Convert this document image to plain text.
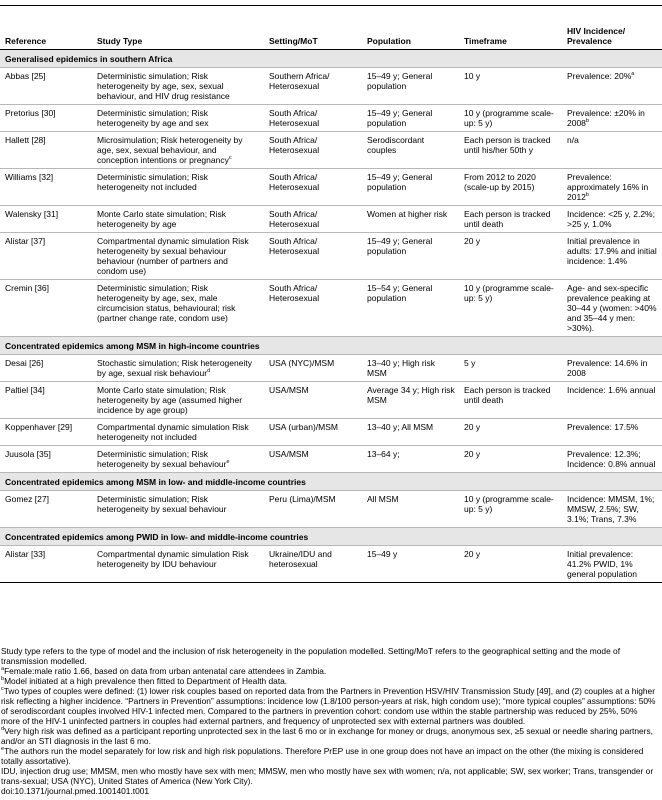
Reference	Study Type	Setting/MoT	Population	Timeframe	HIV Incidence/ Prevalence
Generalised epidemics in southern Africa					
Abbas [25]	Deterministic simulation; Risk heterogeneity by age, sex, sexual behaviour, and HIV drug resistance	Southern Africa/ Heterosexual	15–49 y; General population	10 y	Prevalence: 20%$^a$
Pretorius [30]	Deterministic simulation; Risk heterogeneity by age and sex	South Africa/ Heterosexual	15–49 y; General population	10 y (programme scale-up: 5 y)	Prevalence: ±20% in 2008$^b$
Hallett [28]	Microsimulation; Risk heterogeneity by age, sex, sexual behaviour, and conception intentions or pregnancy$^c$	South Africa/ Heterosexual	Serodiscordant couples	Each person is tracked until his/her 50th y	n/a
Williams [32]	Deterministic simulation; Risk heterogeneity not included	South Africa/ Heterosexual	15–49 y; General population	From 2012 to 2020 (scale-up by 2015)	Prevalence: approximately 16% in 2012$^b$
Walensky [31]	Monte Carlo state simulation; Risk heterogeneity by age	South Africa/ Heterosexual	Women at higher risk	Each person is tracked until death	Incidence: <25 y, 2.2%; >25 y, 1.0%
Alistar [37]	Compartmental dynamic simulation Risk heterogeneity by sexual behaviour behaviour (number of partners and condom use)	South Africa/ Heterosexual	15–49 y; General population	20 y	Initial prevalence in adults: 17.9% and initial incidence: 1.4%
Cremin [36]	Deterministic simulation; Risk heterogeneity by age, sex, male circumcision status, behavioural; risk (partner change rate, condom use)	South Africa/ Heterosexual	15–54 y; General population	10 y (programme scale-up: 5 y)	Age- and sex-specific prevalence peaking at 30–44 y (women: >40% and 35–44 y men: >30%).
Concentrated epidemics among MSM in high-income countries					
Desai [26]	Stochastic simulation; Risk heterogeneity by age, sexual risk behaviour$^d$	USA (NYC)/MSM	13–40 y; High risk MSM	5 y	Prevalence: 14.6% in 2008
Paltiel [34]	Monte Carlo state simulation; Risk heterogeneity by age (assumed higher incidence by age group)	USA/MSM	Average 34 y; High risk MSM	Each person is tracked until death	Incidence: 1.6% annual
Koppenhaver [29]	Compartmental dynamic simulation Risk heterogeneity not included	USA (urban)/MSM	13–40 y; All MSM	20 y	Prevalence: 17.5%
Juusola [35]	Deterministic simulation; Risk heterogeneity by sexual behaviour$^e$	USA/MSM	13–64 y;	20 y	Prevalence: 12.3%; Incidence: 0.8% annual
Concentrated epidemics among MSM in low- and middle-income countries					
Gomez [27]	Deterministic simulation; Risk heterogeneity by sexual behaviour	Peru (Lima)/MSM	All MSM	10 y (programme scale-up: 5 y)	Incidence: MMSM, 1%; MMSW, 2.5%; SW, 3.1%; Trans, 7.3%
Concentrated epidemics among PWID in low- and middle-income countries					
Alistar [33]	Compartmental dynamic simulation Risk heterogeneity by IDU behaviour	Ukraine/IDU and heterosexual	15–49 y	20 y	Initial prevalence: 41.2% PWID, 1% general population
Study type refers to the type of model and the inclusion of risk heterogeneity in the population modelled. Setting/MoT refers to the geographical setting and the mode of transmission modelled.
$^a$Female:male ratio 1.66, based on data from urban antenatal care attendees in Zambia.
$^b$Model initiated at a high prevalence then fitted to Department of Health data.
$^c$Two types of couples were defined: (1) lower risk couples based on reported data from the Partners in Prevention HSV/HIV Transmission Study [49], and (2) couples at a higher risk reflecting a higher incidence. “Partners in Prevention” assumptions: incidence low (1.8/100 person-years at risk, high condom use); “more typical couples” assumptions: 50% of serodiscordant couples involved HIV-1 infected men. Compared to the partners in prevention cohort: condom use within the stable partnership was reduced by 25%, 50% more of the HIV-1 uninfected partners in couples had external partners, and frequency of unprotected sex with external partners was doubled.
$^d$Very high risk was defined as a participant reporting unprotected sex in the last 6 mo or in exchange for money or drugs, anonymous sex, ≥5 sexual or needle sharing partners, and/or an STI diagnosis in the last 6 mo.
$^e$The authors run the model separately for low risk and high risk populations. Therefore PrEP use in one group does not have an impact on the other (the mixing is considered totally assortative).
IDU, injection drug use; MMSM, men who mostly have sex with men; MMSW, men who mostly have sex with women; n/a, not applicable; SW, sex worker; Trans, transgender or trans-sexual; USA (NYC), United States of America (New York City).
doi:10.1371/journal.pmed.1001401.t001
